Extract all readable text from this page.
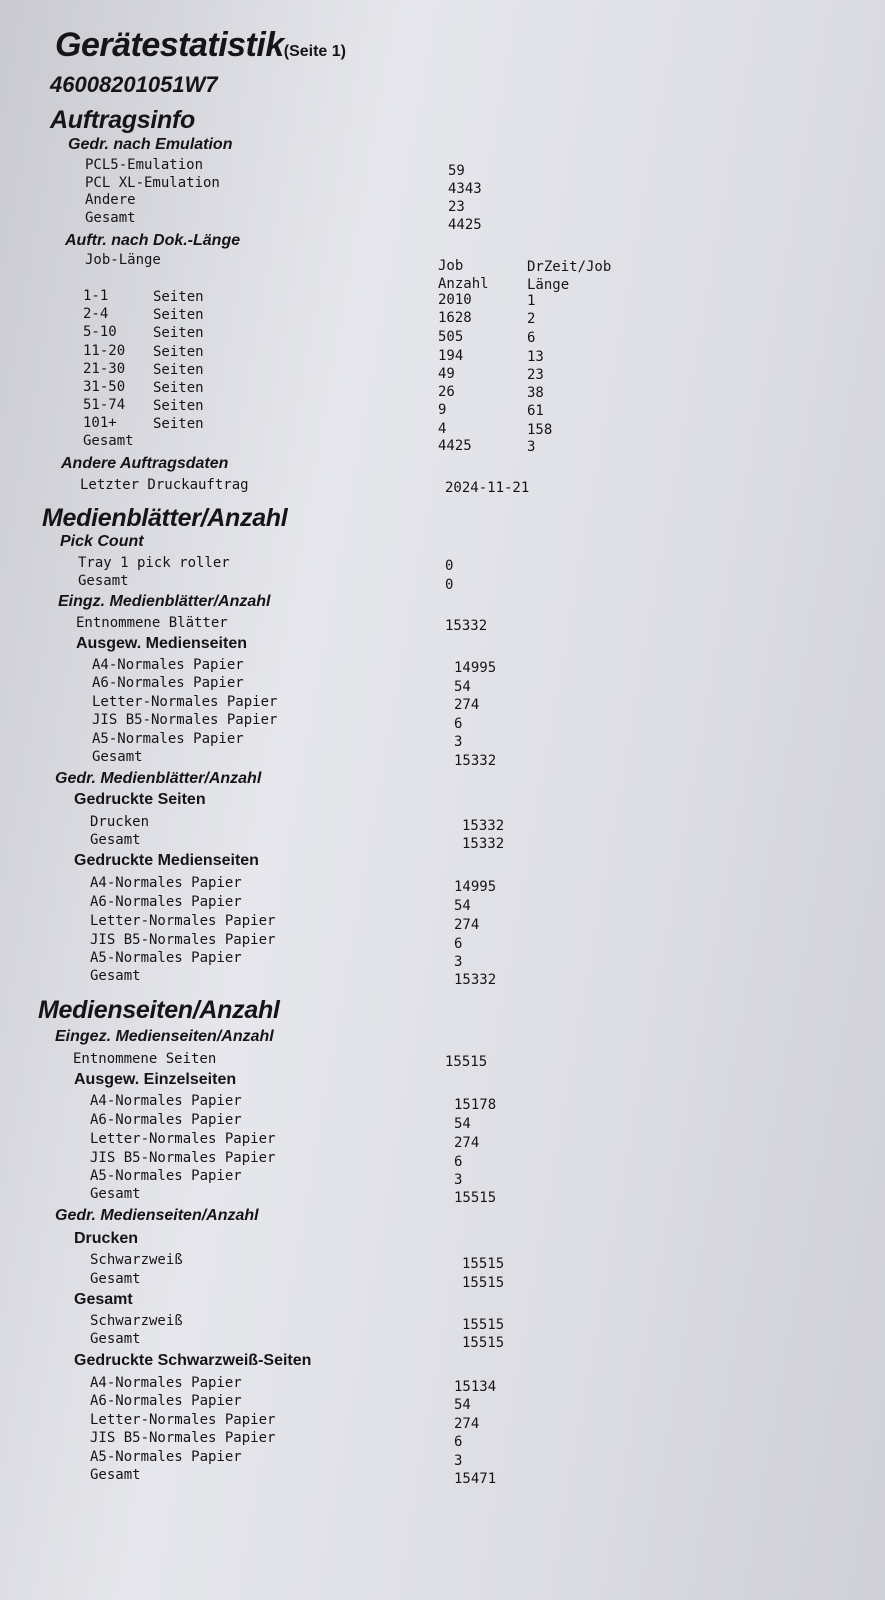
Gerätestatistik(Seite 1)
46008201051W7
Auftragsinfo
Gedr. nach Emulation
PCL5-Emulation	59
PCL XL-Emulation	4343
Andere	23
Gesamt	4425
Auftr. nach Dok.-Länge
Job-Länge	Job	DrZeit/Job
Anzahl	Länge
1-1	Seiten	2010	1
2-4	Seiten	1628	2
5-10	Seiten	505	6
11-20 Seiten	194	13
21-30 Seiten	49	23
31-50 Seiten	26	38
51-74 Seiten	9	61
101+	Seiten	4	158
Gesamt	4425	3
Andere Auftragsdaten
Letzter Druckauftrag	2024-11-21
Medienblätter/Anzahl
Pick Count
Tray 1 pick roller	0
Gesamt	0
Eingz. Medienblätter/Anzahl
Entnommene Blätter	15332
Ausgew. Medienseiten
A4-Normales Papier	14995
A6-Normales Papier	54
Letter-Normales Papier	274
JIS B5-Normales Papier	6
A5-Normales Papier	3
Gesamt	15332
Gedr. Medienblätter/Anzahl
Gedruckte Seiten
Drucken	15332
Gesamt	15332
Gedruckte Medienseiten
A4-Normales Papier	14995
A6-Normales Papier	54
Letter-Normales Papier	274
JIS B5-Normales Papier	6
A5-Normales Papier	3
Gesamt	15332
Medienseiten/Anzahl
Eingez. Medienseiten/Anzahl
Entnommene Seiten	15515
Ausgew. Einzelseiten
A4-Normales Papier	15178
A6-Normales Papier	54
Letter-Normales Papier	274
JIS B5-Normales Papier	6
A5-Normales Papier	3
Gesamt	15515
Gedr. Medienseiten/Anzahl
Drucken
Schwarzweiß	15515
Gesamt	15515
Gesamt
Schwarzweiß	15515
Gesamt	15515
Gedruckte Schwarzweiß-Seiten
A4-Normales Papier	15134
A6-Normales Papier	54
Letter-Normales Papier	274
JIS B5-Normales Papier	6
A5-Normales Papier	3
Gesamt	15471
